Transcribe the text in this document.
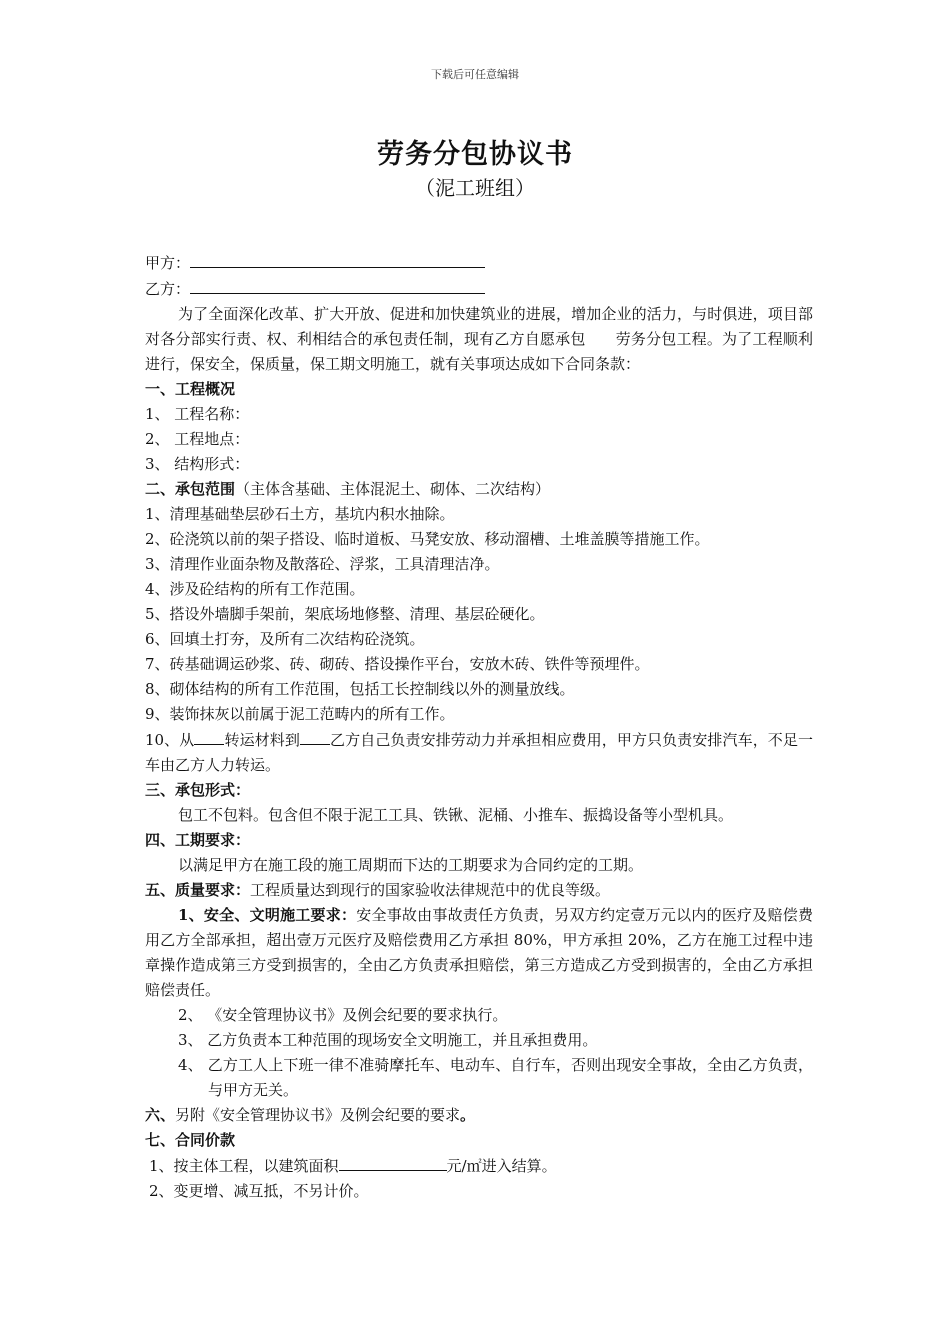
下载后可任意编辑
劳务分包协议书
（泥工班组）
甲方：
乙方：
为了全面深化改革、扩大开放、促进和加快建筑业的进展，增加企业的活力，与时俱进，项目部对各分部实行责、权、利相结合的承包责任制，现有乙方自愿承包 劳务分包工程。为了工程顺利进行，保安全，保质量，保工期文明施工，就有关事项达成如下合同条款：
一、工程概况
1、 工程名称：
2、 工程地点：
3、 结构形式：
二、承包范围（主体含基础、主体混泥土、砌体、二次结构）
1、清理基础垫层砂石土方，基坑内积水抽除。
2、砼浇筑以前的架子搭设、临时道板、马凳安放、移动溜槽、土堆盖膜等措施工作。
3、清理作业面杂物及散落砼、浮浆，工具清理洁净。
4、涉及砼结构的所有工作范围。
5、搭设外墙脚手架前，架底场地修整、清理、基层砼硬化。
6、回填土打夯，及所有二次结构砼浇筑。
7、砖基础调运砂浆、砖、砌砖、搭设操作平台，安放木砖、铁件等预埋件。
8、砌体结构的所有工作范围，包括工长控制线以外的测量放线。
9、装饰抹灰以前属于泥工范畴内的所有工作。
10、从 转运材料到 乙方自己负责安排劳动力并承担相应费用，甲方只负责安排汽车，不足一车由乙方人力转运。
三、承包形式：
包工不包料。包含但不限于泥工工具、铁锹、泥桶、小推车、振捣设备等小型机具。
四、工期要求：
以满足甲方在施工段的施工周期而下达的工期要求为合同约定的工期。
五、质量要求：工程质量达到现行的国家验收法律规范中的优良等级。
1、安全、文明施工要求：安全事故由事故责任方负责，另双方约定壹万元以内的医疗及赔偿费用乙方全部承担，超出壹万元医疗及赔偿费用乙方承担 80%，甲方承担 20%，乙方在施工过程中违章操作造成第三方受到损害的，全由乙方负责承担赔偿，第三方造成乙方受到损害的，全由乙方承担赔偿责任。
2、 《安全管理协议书》及例会纪要的要求执行。
3、 乙方负责本工种范围的现场安全文明施工，并且承担费用。
4、 乙方工人上下班一律不准骑摩托车、电动车、自行车，否则出现安全事故，全由乙方负责，与甲方无关。
六、另附《安全管理协议书》及例会纪要的要求。
七、合同价款
1、按主体工程，以建筑面积	元/㎡进入结算。
2、变更增、减互抵，不另计价。
